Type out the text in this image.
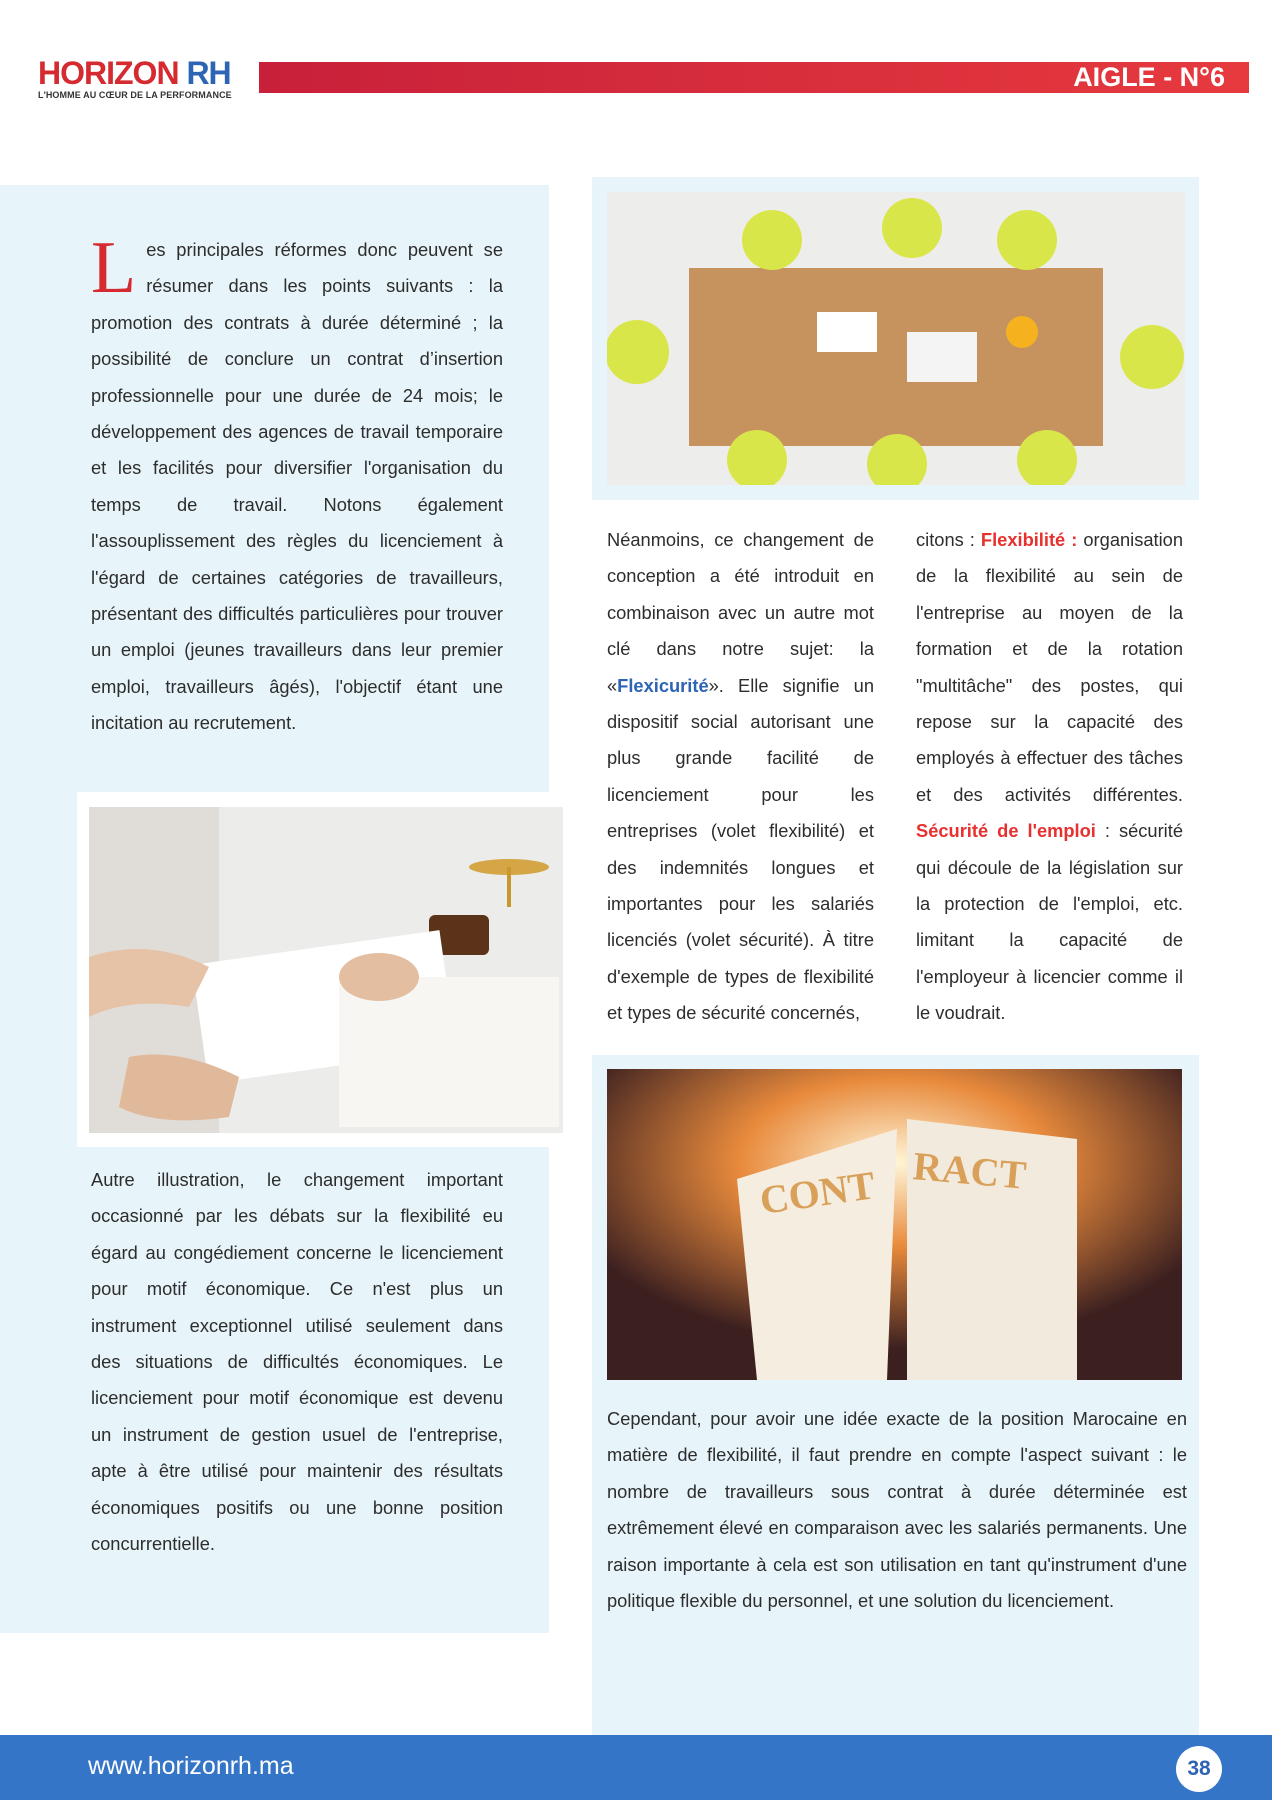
HORIZON RH
L'HOMME AU CŒUR DE LA PERFORMANCE
AIGLE - N°6
Les principales réformes donc peuvent se résumer dans les points suivants : la promotion des contrats à durée déterminé ; la possibilité de conclure un contrat d’insertion professionnelle pour une durée de 24 mois; le développement des agences de travail temporaire et les facilités pour diversifier l'organisation du temps de travail. Notons également l'assouplissement des règles du licenciement à l'égard de certaines catégories de travailleurs, présentant des difficultés particulières pour trouver un emploi (jeunes travailleurs dans leur premier emploi, travailleurs âgés), l'objectif étant une incitation au recrutement.
Autre illustration, le changement important occasionné par les débats sur la flexibilité eu égard au congédiement concerne le licenciement pour motif économique. Ce n'est plus un instrument exceptionnel utilisé seulement dans des situations de difficultés économiques. Le licenciement pour motif économique est devenu un instrument de gestion usuel de l'entreprise, apte à être utilisé pour maintenir des résultats économiques positifs ou une bonne position concurrentielle.
Néanmoins, ce changement de conception a été introduit en combinaison avec un autre mot clé dans notre sujet: la «Flexicurité». Elle signifie un dispositif social autorisant une plus grande facilité de licenciement pour les entreprises (volet flexibilité) et des indemnités longues et importantes pour les salariés licenciés (volet sécurité). À titre d'exemple de types de flexibilité et types de sécurité concernés,
citons : Flexibilité : organisation de la flexibilité au sein de l'entreprise au moyen de la formation et de la rotation "multitâche" des postes, qui repose sur la capacité des employés à effectuer des tâches et des activités différentes. Sécurité de l'emploi : sécurité qui découle de la législation sur la protection de l'emploi, etc. limitant la capacité de l'employeur à licencier comme il le voudrait.
CONT RACT
Cependant, pour avoir une idée exacte de la position Marocaine en matière de flexibilité, il faut prendre en compte l'aspect suivant : le nombre de travailleurs sous contrat à durée déterminée est extrêmement élevé en comparaison avec les salariés permanents. Une raison importante à cela est son utilisation en tant qu'instrument d'une politique flexible du personnel, et une solution du licenciement.
www.horizonrh.ma	38
